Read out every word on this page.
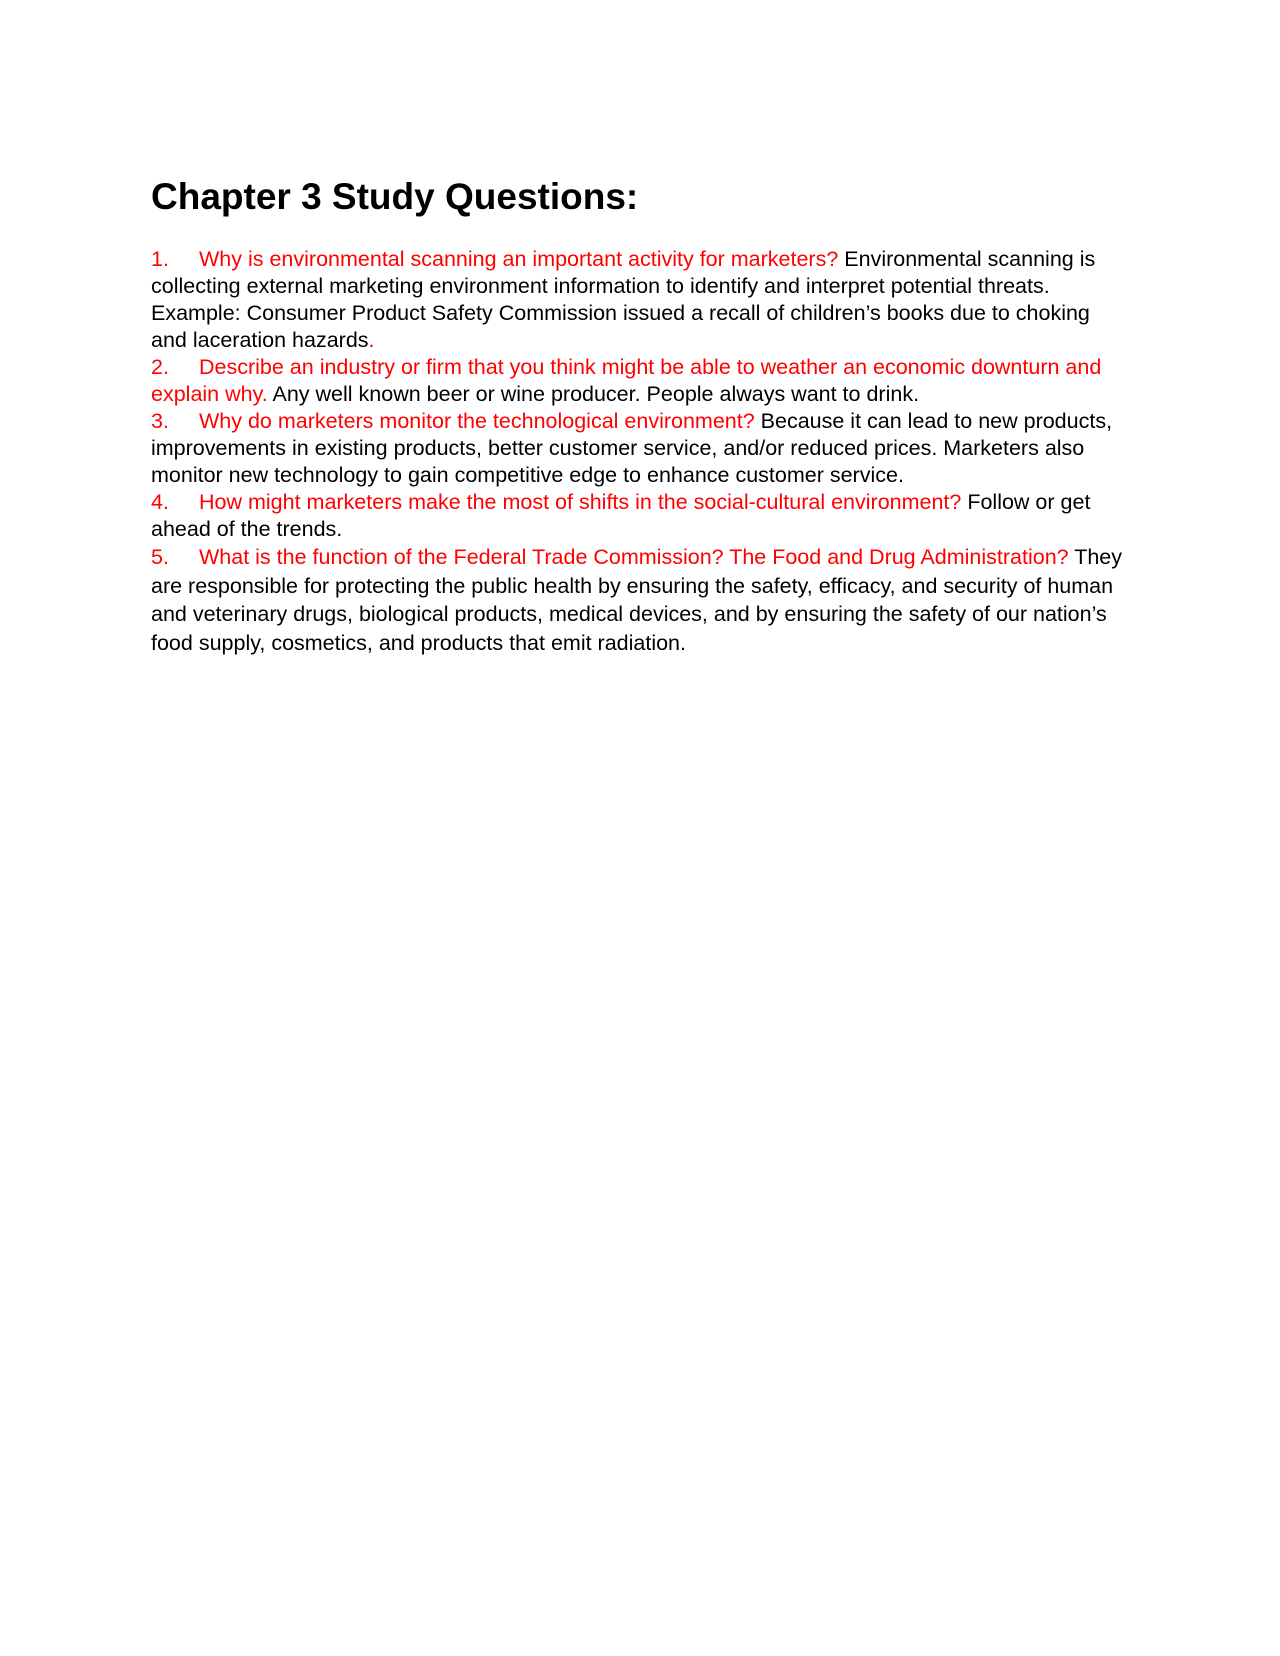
Chapter 3 Study Questions:

1. Why is environmental scanning an important activity for marketers? Environmental scanning is collecting external marketing environment information to identify and interpret potential threats. Example: Consumer Product Safety Commission issued a recall of children’s books due to choking and laceration hazards.

2. Describe an industry or firm that you think might be able to weather an economic downturn and explain why. Any well known beer or wine producer. People always want to drink.

3. Why do marketers monitor the technological environment? Because it can lead to new products, improvements in existing products, better customer service, and/or reduced prices. Marketers also monitor new technology to gain competitive edge to enhance customer service.

4. How might marketers make the most of shifts in the social-cultural environment? Follow or get ahead of the trends.

5. What is the function of the Federal Trade Commission? The Food and Drug Administration? They are responsible for protecting the public health by ensuring the safety, efficacy, and security of human and veterinary drugs, biological products, medical devices, and by ensuring the safety of our nation’s food supply, cosmetics, and products that emit radiation.
